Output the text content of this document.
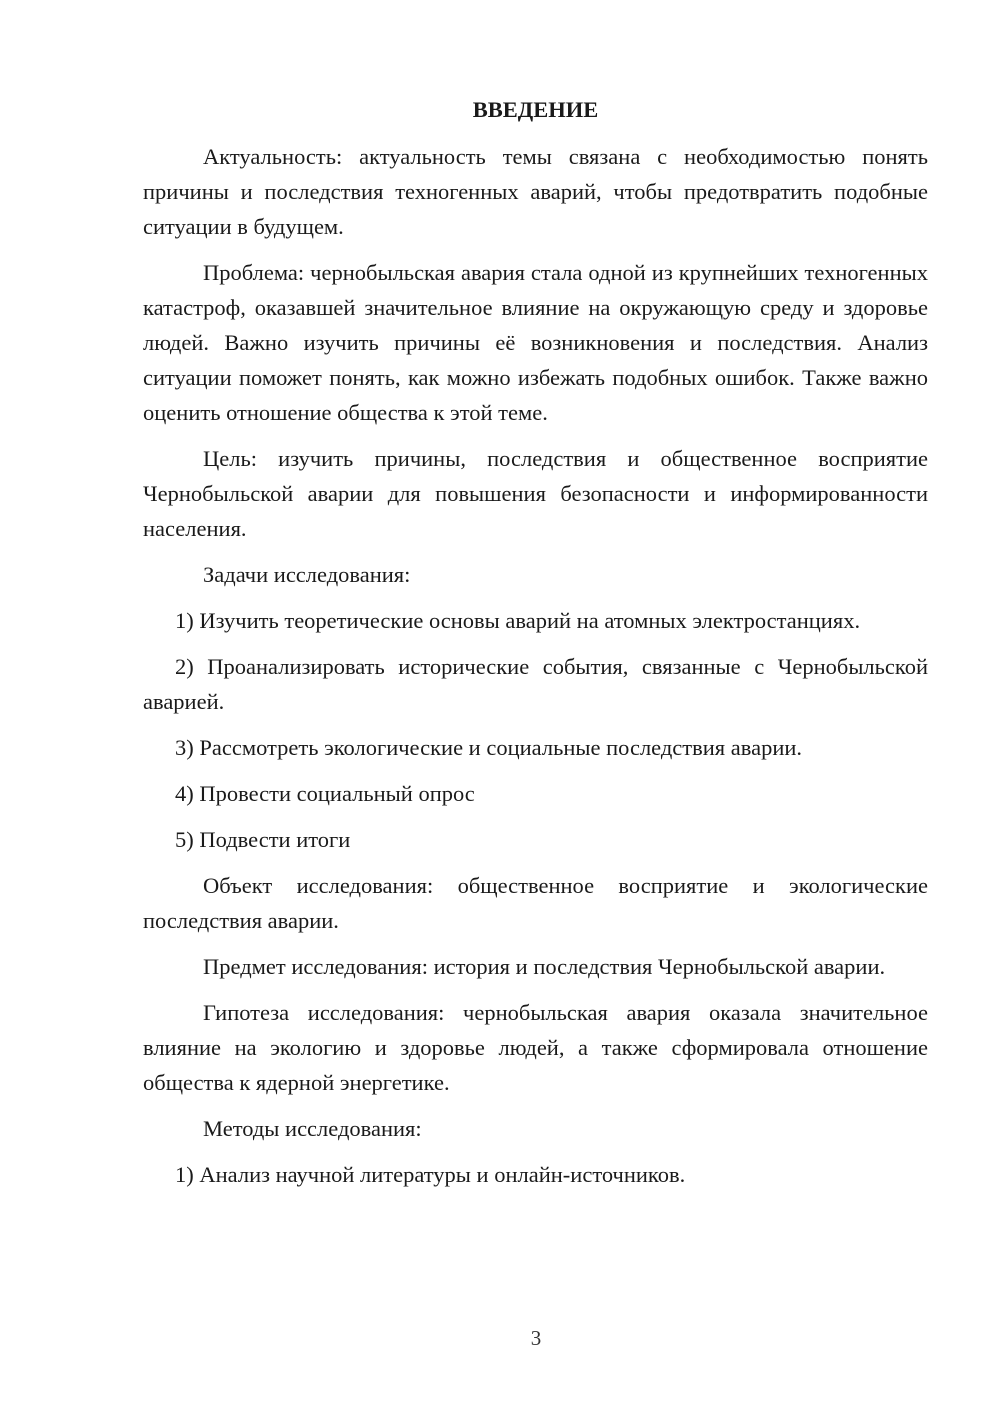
ВВЕДЕНИЕ

Актуальность: актуальность темы связана с необходимостью понять причины и последствия техногенных аварий, чтобы предотвратить подобные ситуации в будущем.

Проблема: чернобыльская авария стала одной из крупнейших техногенных катастроф, оказавшей значительное влияние на окружающую среду и здоровье людей. Важно изучить причины её возникновения и последствия. Анализ ситуации поможет понять, как можно избежать подобных ошибок. Также важно оценить отношение общества к этой теме.

Цель: изучить причины, последствия и общественное восприятие Чернобыльской аварии для повышения безопасности и информированности населения.

Задачи исследования:

1) Изучить теоретические основы аварий на атомных электростанциях.

2) Проанализировать исторические события, связанные с Чернобыльской аварией.

3) Рассмотреть экологические и социальные последствия аварии.

4) Провести социальный опрос

5) Подвести итоги

Объект исследования: общественное восприятие и экологические последствия аварии.

Предмет исследования: история и последствия Чернобыльской аварии.

Гипотеза исследования: чернобыльская авария оказала значительное влияние на экологию и здоровье людей, а также сформировала отношение общества к ядерной энергетике.

Методы исследования:

1) Анализ научной литературы и онлайн-источников.

3
